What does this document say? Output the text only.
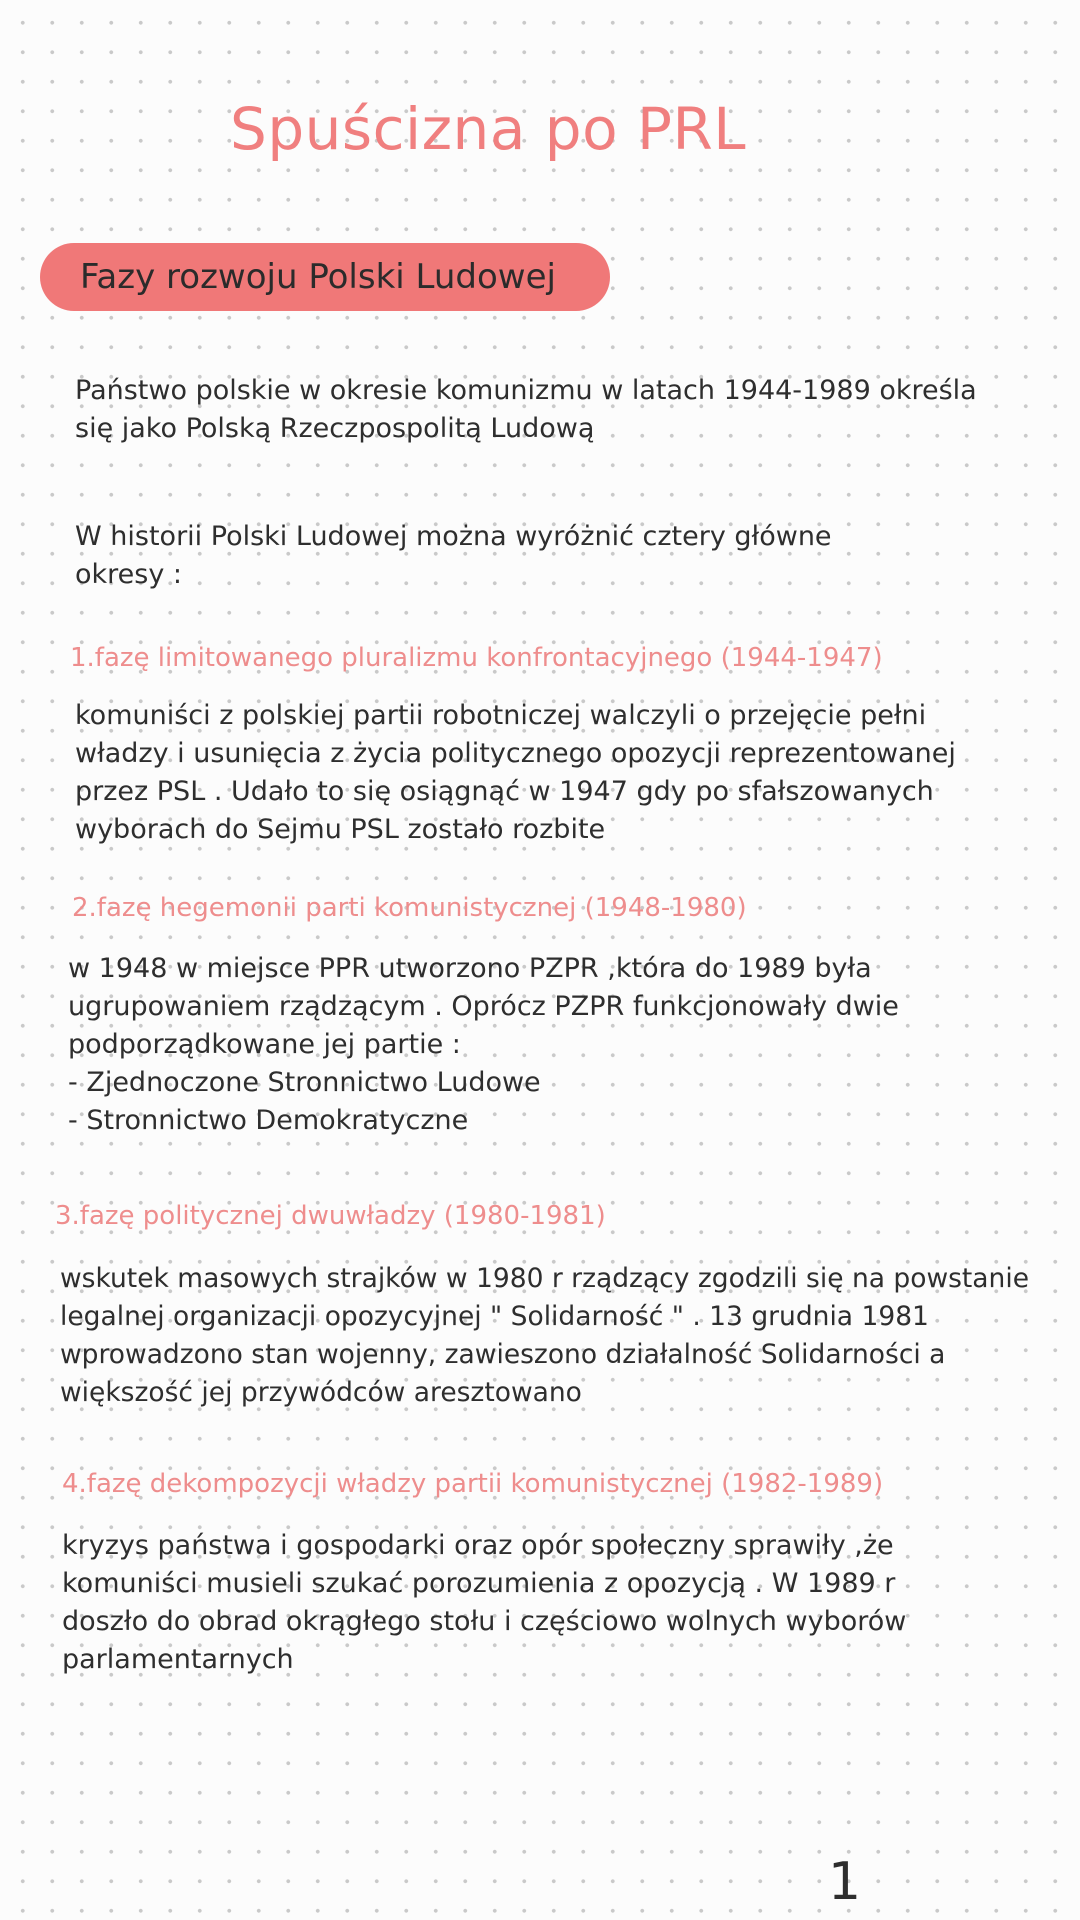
Spuścizna po PRL
Fazy rozwoju Polski Ludowej

Państwo polskie w okresie komunizmu w latach 1944-1989 określa
się jako Polską Rzeczpospolitą Ludową

W historii Polski Ludowej można wyróżnić cztery główne
okresy :

1.fazę limitowanego pluralizmu konfrontacyjnego (1944-1947)

komuniści z polskiej partii robotniczej walczyli o przejęcie pełni
władzy i usunięcia z życia politycznego opozycji reprezentowanej
przez PSL . Udało to się osiągnąć w 1947 gdy po sfałszowanych
wyborach do Sejmu PSL zostało rozbite

2.fazę hegemonii parti komunistycznej (1948-1980)

w 1948 w miejsce PPR utworzono PZPR ,która do 1989 była
ugrupowaniem rządzącym . Oprócz PZPR funkcjonowały dwie
podporządkowane jej partie :
- Zjednoczone Stronnictwo Ludowe
- Stronnictwo Demokratyczne

3.fazę politycznej dwuwładzy (1980-1981)

wskutek masowych strajków w 1980 r rządzący zgodzili się na powstanie
legalnej organizacji opozycyjnej " Solidarność " . 13 grudnia 1981
wprowadzono stan wojenny, zawieszono działalność Solidarności a
większość jej przywódców aresztowano

4.fazę dekompozycji władzy partii komunistycznej (1982-1989)

kryzys państwa i gospodarki oraz opór społeczny sprawiły ,że
komuniści musieli szukać porozumienia z opozycją . W 1989 r
doszło do obrad okrągłego stołu i częściowo wolnych wyborów
parlamentarnych

1
